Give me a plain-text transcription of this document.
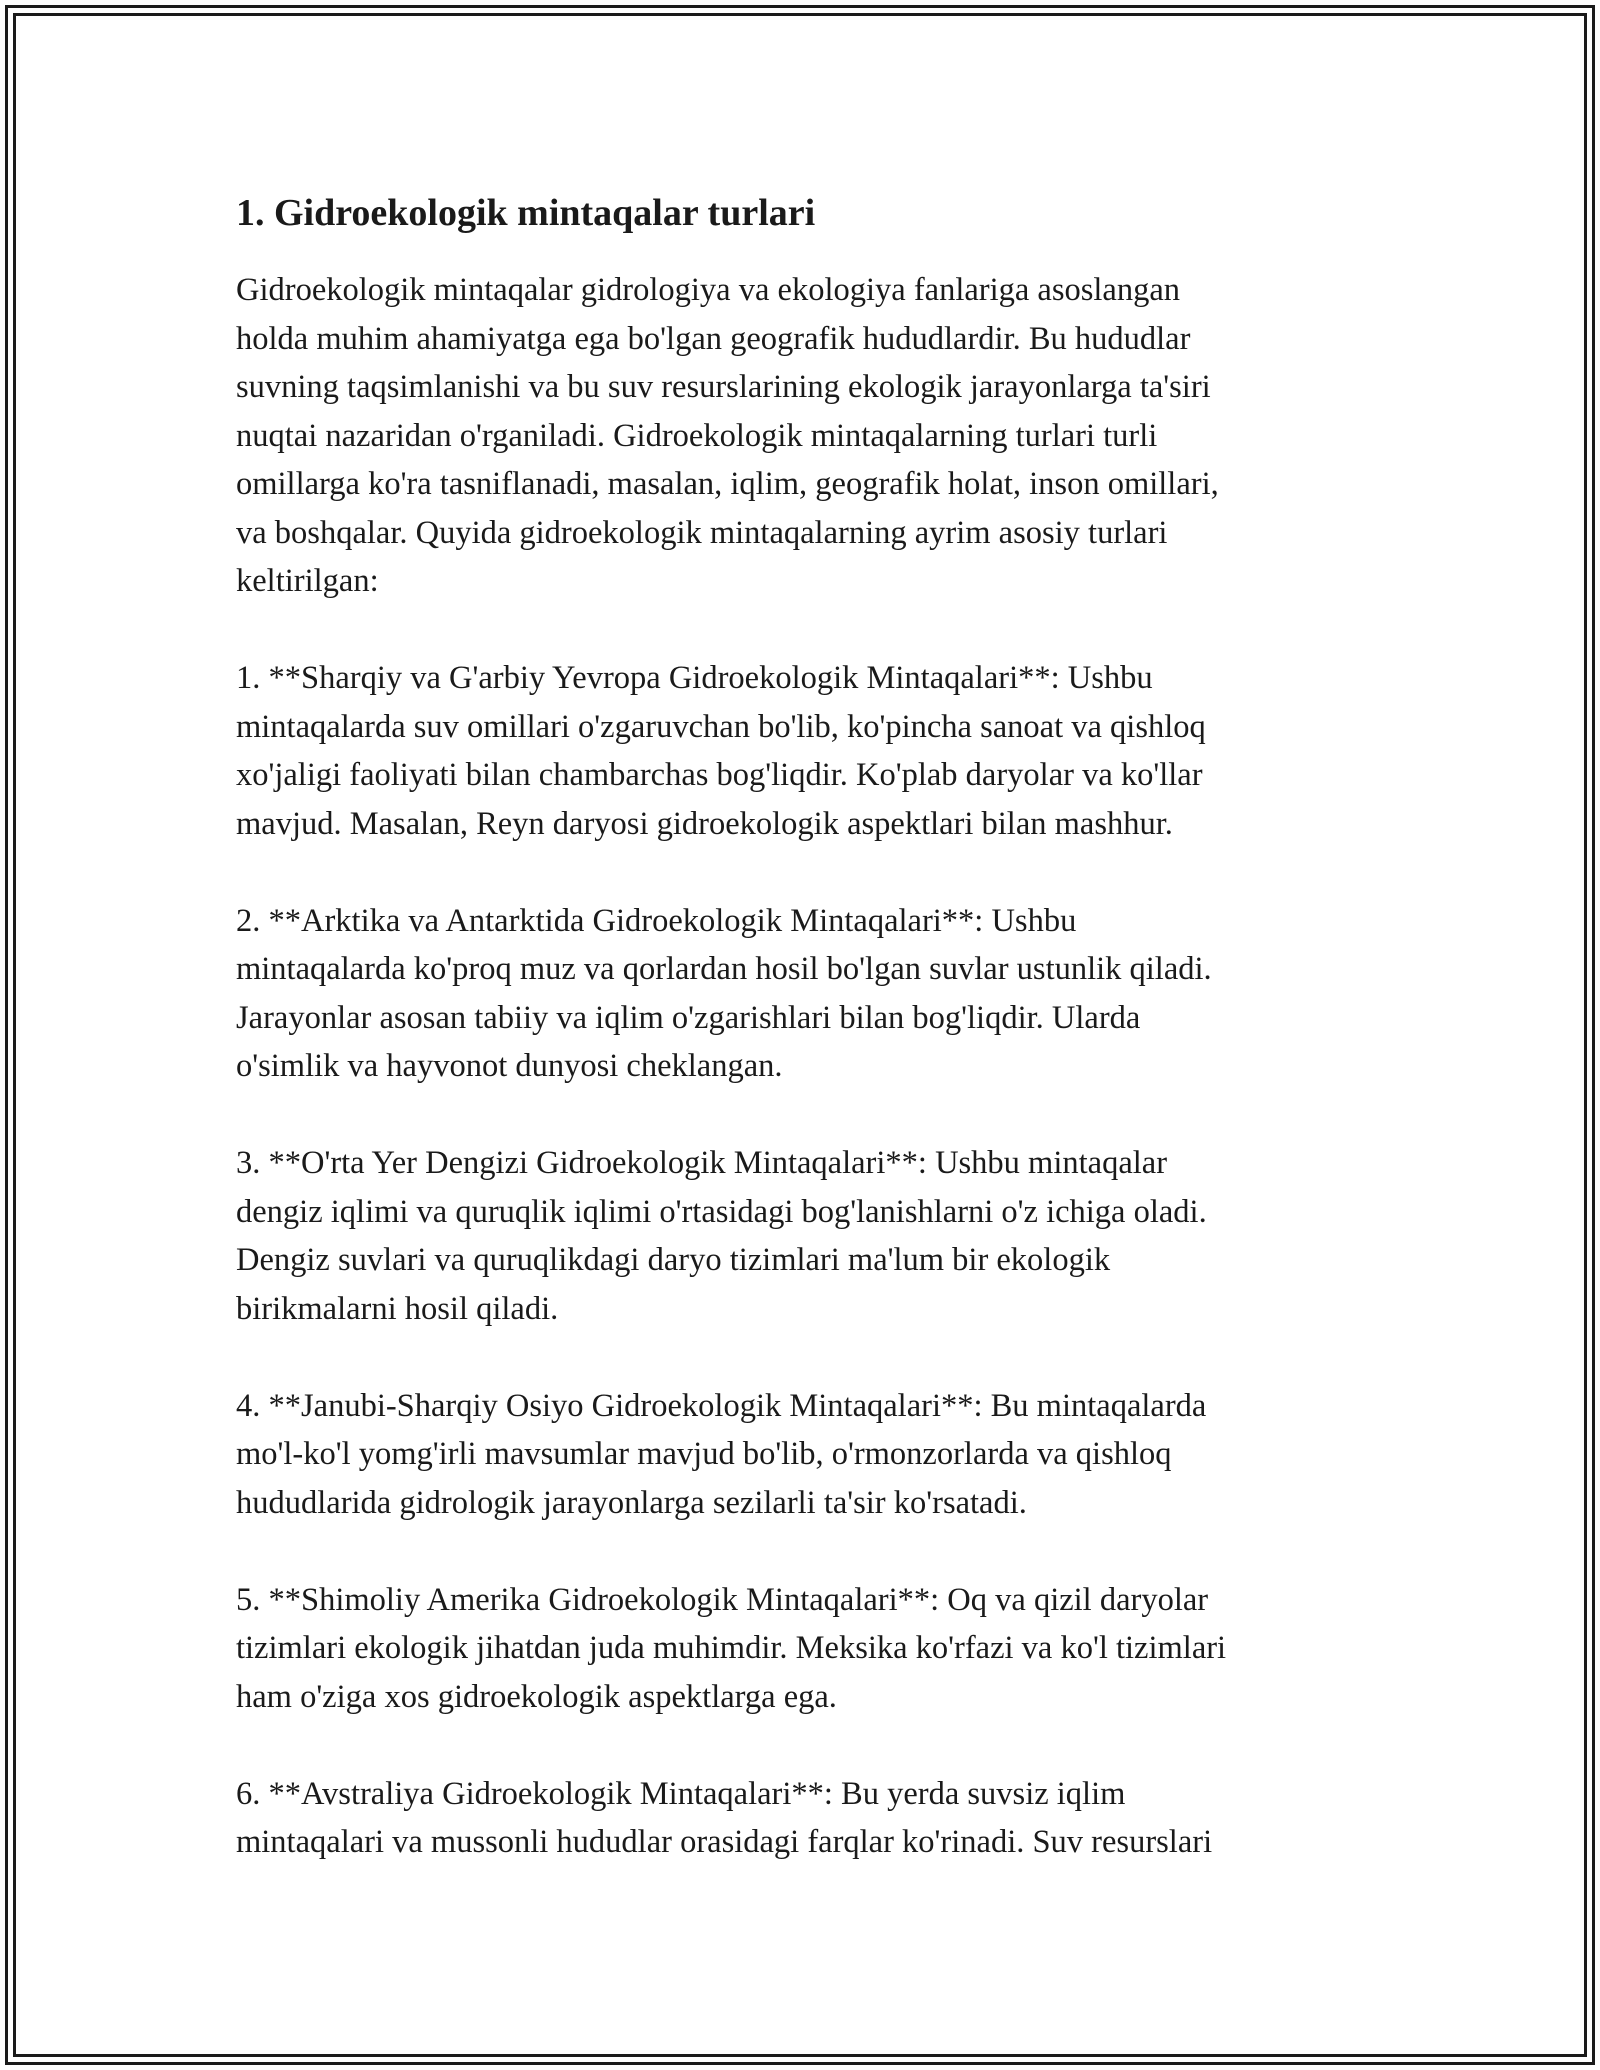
1. Gidroekologik mintaqalar turlari

Gidroekologik mintaqalar gidrologiya va ekologiya fanlariga asoslangan
holda muhim ahamiyatga ega bo'lgan geografik hududlardir. Bu hududlar
suvning taqsimlanishi va bu suv resurslarining ekologik jarayonlarga ta'siri
nuqtai nazaridan o'rganiladi. Gidroekologik mintaqalarning turlari turli
omillarga ko'ra tasniflanadi, masalan, iqlim, geografik holat, inson omillari,
va boshqalar. Quyida gidroekologik mintaqalarning ayrim asosiy turlari
keltirilgan:

1. **Sharqiy va G'arbiy Yevropa Gidroekologik Mintaqalari**: Ushbu
mintaqalarda suv omillari o'zgaruvchan bo'lib, ko'pincha sanoat va qishloq
xo'jaligi faoliyati bilan chambarchas bog'liqdir. Ko'plab daryolar va ko'llar
mavjud. Masalan, Reyn daryosi gidroekologik aspektlari bilan mashhur.

2. **Arktika va Antarktida Gidroekologik Mintaqalari**: Ushbu
mintaqalarda ko'proq muz va qorlardan hosil bo'lgan suvlar ustunlik qiladi.
Jarayonlar asosan tabiiy va iqlim o'zgarishlari bilan bog'liqdir. Ularda
o'simlik va hayvonot dunyosi cheklangan.

3. **O'rta Yer Dengizi Gidroekologik Mintaqalari**: Ushbu mintaqalar
dengiz iqlimi va quruqlik iqlimi o'rtasidagi bog'lanishlarni o'z ichiga oladi.
Dengiz suvlari va quruqlikdagi daryo tizimlari ma'lum bir ekologik
birikmalarni hosil qiladi.

4. **Janubi-Sharqiy Osiyo Gidroekologik Mintaqalari**: Bu mintaqalarda
mo'l-ko'l yomg'irli mavsumlar mavjud bo'lib, o'rmonzorlarda va qishloq
hududlarida gidrologik jarayonlarga sezilarli ta'sir ko'rsatadi.

5. **Shimoliy Amerika Gidroekologik Mintaqalari**: Oq va qizil daryolar
tizimlari ekologik jihatdan juda muhimdir. Meksika ko'rfazi va ko'l tizimlari
ham o'ziga xos gidroekologik aspektlarga ega.

6. **Avstraliya Gidroekologik Mintaqalari**: Bu yerda suvsiz iqlim
mintaqalari va mussonli hududlar orasidagi farqlar ko'rinadi. Suv resurslari
